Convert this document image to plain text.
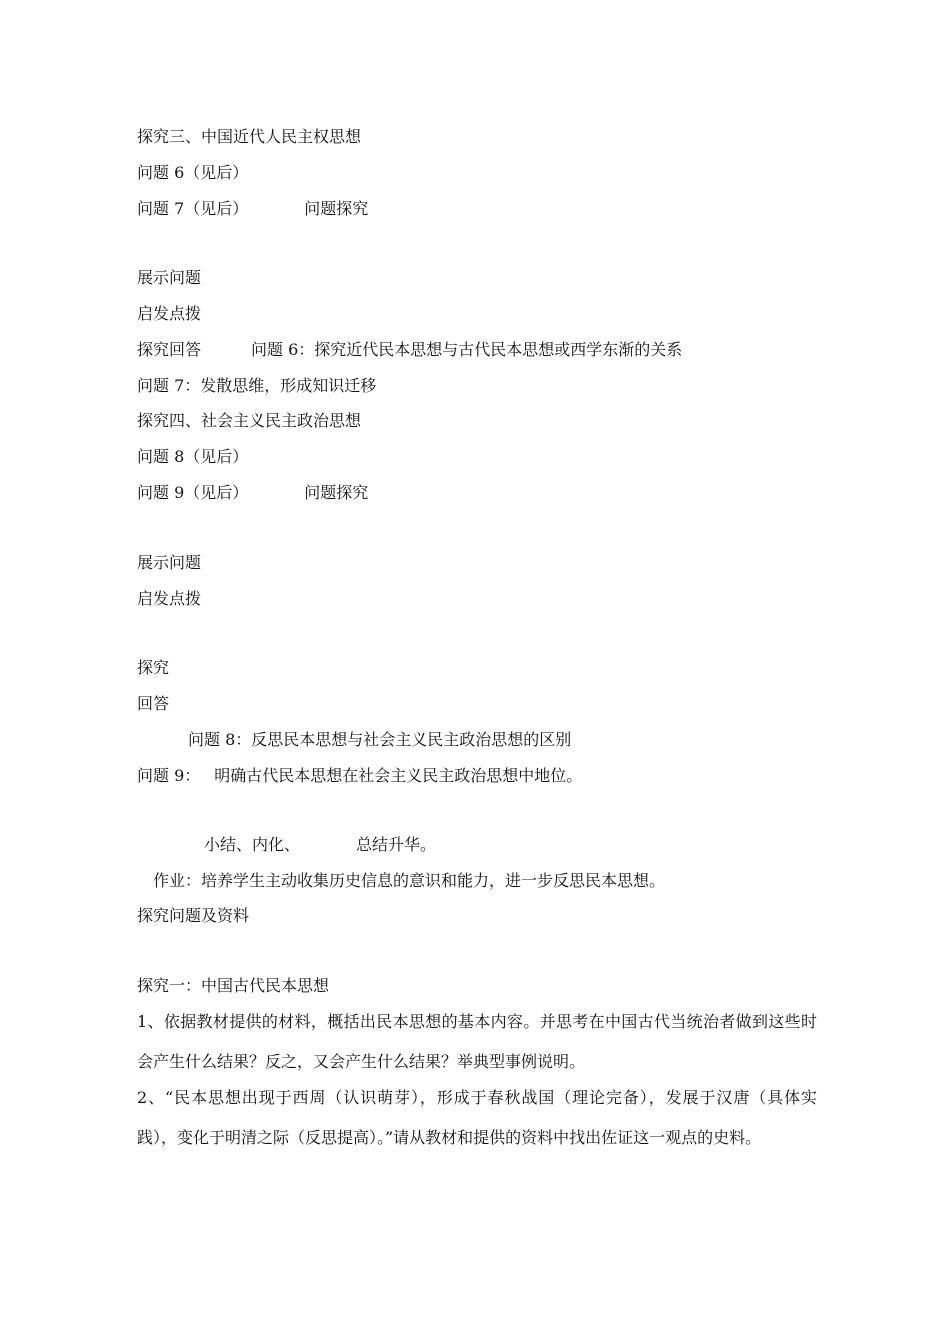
探究三、中国近代人民主权思想
问题 6（见后）
问题 7（见后）	问题探究
展示问题
启发点拨
探究回答	问题 6：探究近代民本思想与古代民本思想或西学东渐的关系
问题 7：发散思维，形成知识迁移
探究四、社会主义民主政治思想
问题 8（见后）
问题 9（见后）	问题探究
展示问题
启发点拨
探究
回答
问题 8：反思民本思想与社会主义民主政治思想的区别
问题 9： 明确古代民本思想在社会主义民主政治思想中地位。
小结、内化、	总结升华。
作业：培养学生主动收集历史信息的意识和能力，进一步反思民本思想。
探究问题及资料
探究一：中国古代民本思想
1、依据教材提供的材料，概括出民本思想的基本内容。并思考在中国古代当统治者做到这些时会产生什么结果？反之，又会产生什么结果？举典型事例说明。
2、“民本思想出现于西周（认识萌芽），形成于春秋战国（理论完备），发展于汉唐（具体实践），变化于明清之际（反思提高）。”请从教材和提供的资料中找出佐证这一观点的史料。
